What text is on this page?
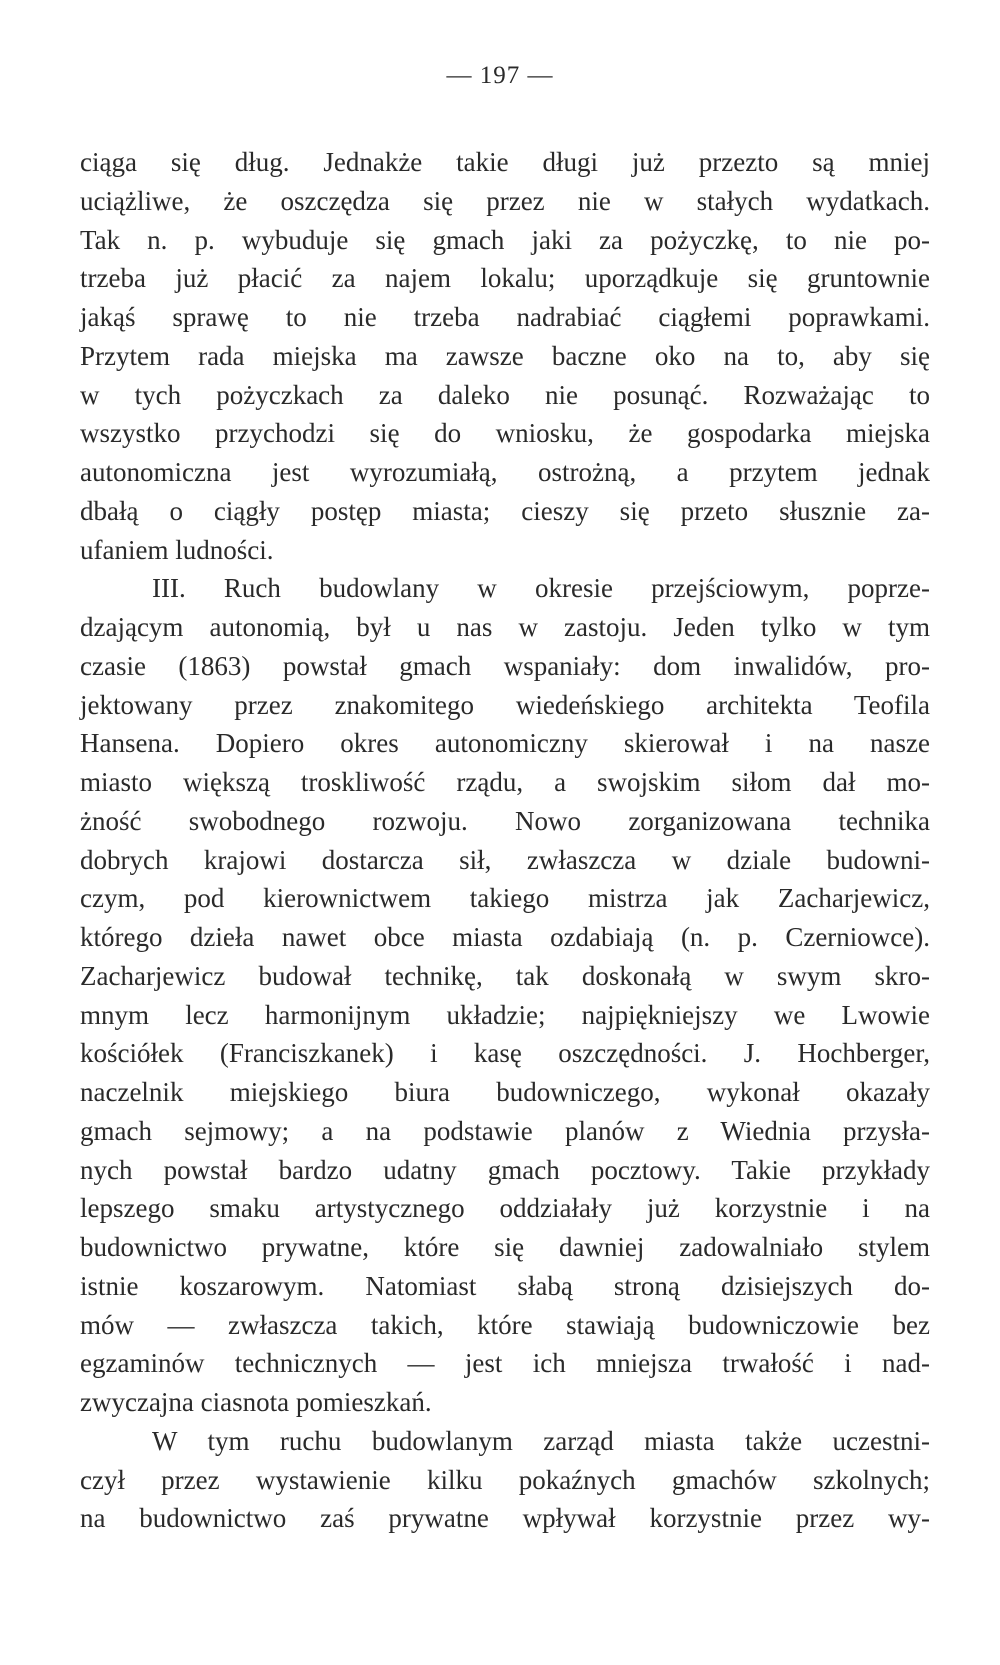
— 197 —
ciąga się dług. Jednakże takie długi już przezto są mniej
uciążliwe, że oszczędza się przez nie w stałych wydatkach.
Tak n. p. wybuduje się gmach jaki za pożyczkę, to nie po-
trzeba już płacić za najem lokalu; uporządkuje się gruntownie
jakąś sprawę to nie trzeba nadrabiać ciągłemi poprawkami.
Przytem rada miejska ma zawsze baczne oko na to, aby się
w tych pożyczkach za daleko nie posunąć. Rozważając to
wszystko przychodzi się do wniosku, że gospodarka miejska
autonomiczna jest wyrozumiałą, ostrożną, a przytem jednak
dbałą o ciągły postęp miasta; cieszy się przeto słusznie za-
ufaniem ludności.
III. Ruch budowlany w okresie przejściowym, poprze-
dzającym autonomią, był u nas w zastoju. Jeden tylko w tym
czasie (1863) powstał gmach wspaniały: dom inwalidów, pro-
jektowany przez znakomitego wiedeńskiego architekta Teofila
Hansena. Dopiero okres autonomiczny skierował i na nasze
miasto większą troskliwość rządu, a swojskim siłom dał mo-
żność swobodnego rozwoju. Nowo zorganizowana technika
dobrych krajowi dostarcza sił, zwłaszcza w dziale budowni-
czym, pod kierownictwem takiego mistrza jak Zacharjewicz,
którego dzieła nawet obce miasta ozdabiają (n. p. Czerniowce).
Zacharjewicz budował technikę, tak doskonałą w swym skro-
mnym lecz harmonijnym układzie; najpiękniejszy we Lwowie
kościółek (Franciszkanek) i kasę oszczędności. J. Hochberger,
naczelnik miejskiego biura budowniczego, wykonał okazały
gmach sejmowy; a na podstawie planów z Wiednia przysła-
nych powstał bardzo udatny gmach pocztowy. Takie przykłady
lepszego smaku artystycznego oddziałały już korzystnie i na
budownictwo prywatne, które się dawniej zadowalniało stylem
istnie koszarowym. Natomiast słabą stroną dzisiejszych do-
mów — zwłaszcza takich, które stawiają budowniczowie bez
egzaminów technicznych — jest ich mniejsza trwałość i nad-
zwyczajna ciasnota pomieszkań.
W tym ruchu budowlanym zarząd miasta także uczestni-
czył przez wystawienie kilku pokaźnych gmachów szkolnych;
na budownictwo zaś prywatne wpływał korzystnie przez wy-
